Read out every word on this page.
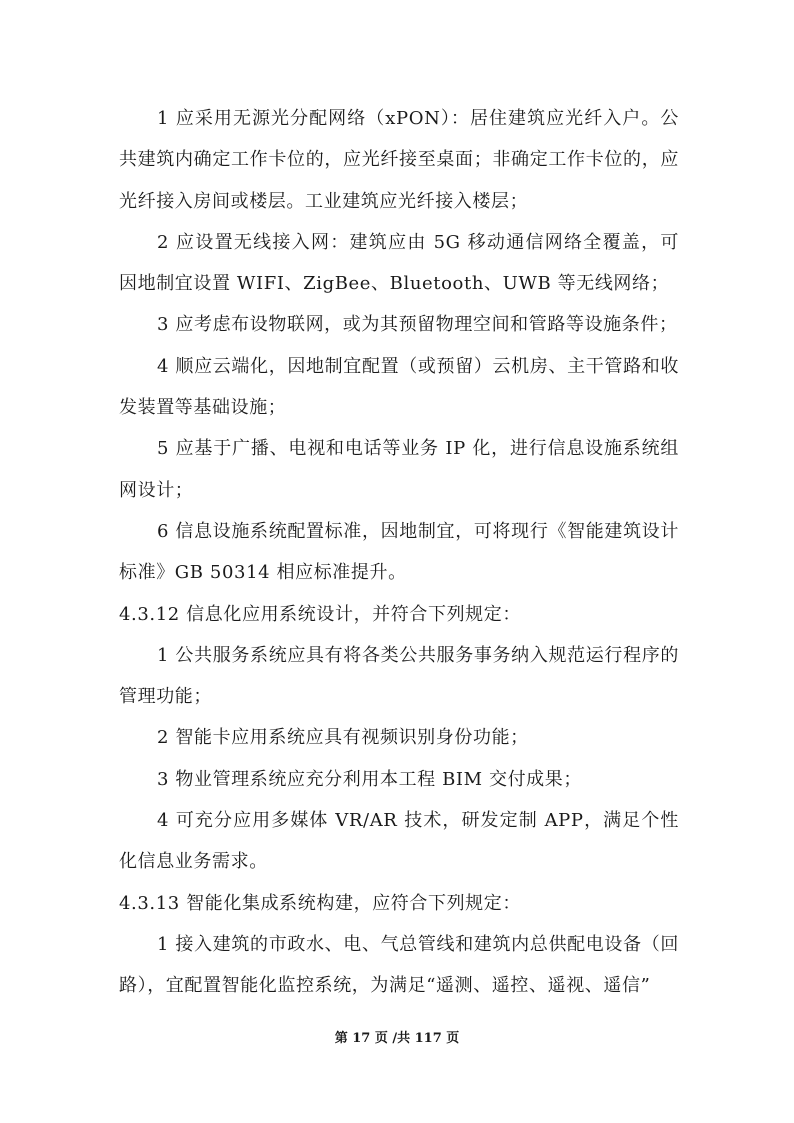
1 应采用无源光分配网络（xPON）：居住建筑应光纤入户。公共建筑内确定工作卡位的，应光纤接至桌面；非确定工作卡位的，应光纤接入房间或楼层。工业建筑应光纤接入楼层；

2 应设置无线接入网：建筑应由 5G 移动通信网络全覆盖，可因地制宜设置 WIFI、ZigBee、Bluetooth、UWB 等无线网络；

3 应考虑布设物联网，或为其预留物理空间和管路等设施条件；

4 顺应云端化，因地制宜配置（或预留）云机房、主干管路和收发装置等基础设施；

5 应基于广播、电视和电话等业务 IP 化，进行信息设施系统组网设计；

6 信息设施系统配置标准，因地制宜，可将现行《智能建筑设计标准》GB 50314 相应标准提升。

4.3.12 信息化应用系统设计，并符合下列规定：

1 公共服务系统应具有将各类公共服务事务纳入规范运行程序的管理功能；

2 智能卡应用系统应具有视频识别身份功能；

3 物业管理系统应充分利用本工程 BIM 交付成果；

4 可充分应用多媒体 VR/AR 技术，研发定制 APP，满足个性化信息业务需求。

4.3.13 智能化集成系统构建，应符合下列规定：

1 接入建筑的市政水、电、气总管线和建筑内总供配电设备（回路），宜配置智能化监控系统，为满足“遥测、遥控、遥视、遥信”

第 17 页 /共 117 页
